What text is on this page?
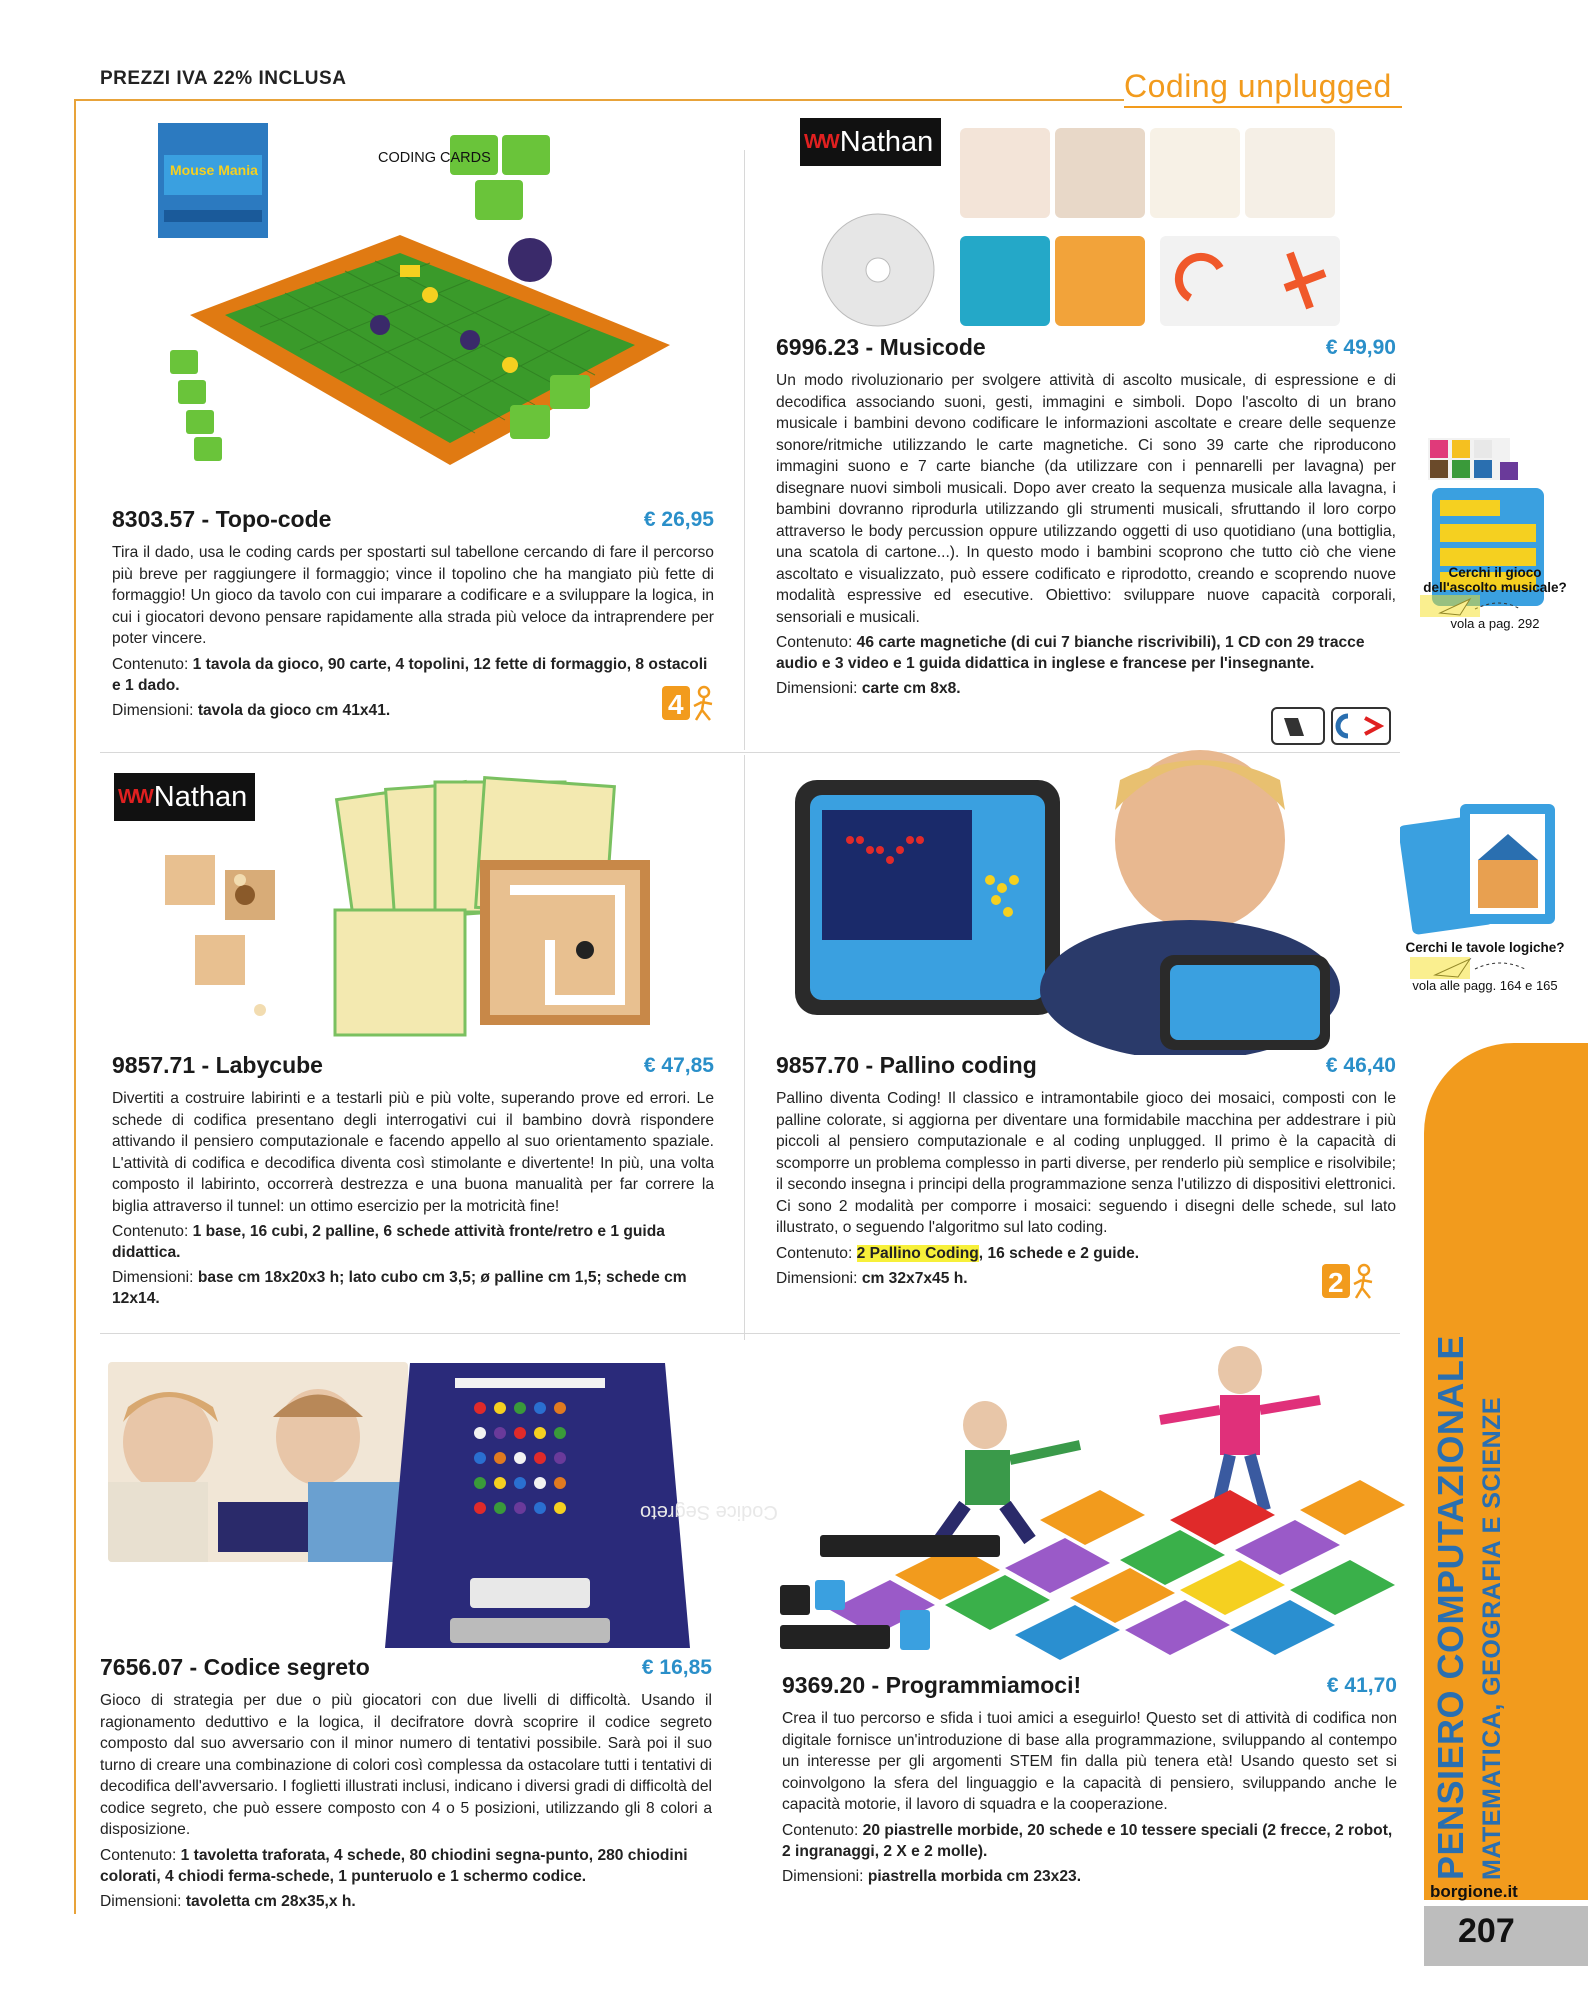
PREZZI IVA 22% INCLUSA	Coding unplugged
Mouse Mania
CODING CARDS
8303.57 - Topo-code	€ 26,95
Tira il dado, usa le coding cards per spostarti sul tabellone cercando di fare il percorso più breve per raggiungere il formaggio; vince il topolino che ha mangiato più fette di formaggio! Un gioco da tavolo con cui imparare a codificare e a sviluppare la logica, in cui i giocatori devono pensare rapidamente alla strada più veloce da intraprendere per poter vincere.
Contenuto: 1 tavola da gioco, 90 carte, 4 topolini, 12 fette di formaggio, 8 ostacoli e 1 dado.
Dimensioni: tavola da gioco cm 41x41.	4
WW Nathan
6996.23 - Musicode	€ 49,90
Un modo rivoluzionario per svolgere attività di ascolto musicale, di espressione e di decodifica associando suoni, gesti, immagini e simboli. Dopo l'ascolto di un brano musicale i bambini devono codificare le informazioni ascoltate e creare delle sequenze sonore/ritmiche utilizzando le carte magnetiche. Ci sono 39 carte che riproducono immagini suono e 7 carte bianche (da utilizzare con i pennarelli per lavagna) per disegnare nuovi simboli musicali. Dopo aver creato la sequenza musicale alla lavagna, i bambini dovranno riprodurla utilizzando gli strumenti musicali, sfruttando il loro corpo attraverso le body percussion oppure utilizzando oggetti di uso quotidiano (una bottiglia, una scatola di cartone...). In questo modo i bambini scoprono che tutto ciò che viene ascoltato e visualizzato, può essere codificato e riprodotto, creando e scoprendo nuove modalità espressive ed esecutive. Obiettivo: sviluppare nuove capacità corporali, sensoriali e musicali.
Contenuto: 46 carte magnetiche (di cui 7 bianche riscrivibili), 1 CD con 29 tracce audio e 3 video e 1 guida didattica in inglese e francese per l'insegnante.
Dimensioni: carte cm 8x8.
Cerchi il gioco dell'ascolto musicale?
vola a pag. 292
WW Nathan
9857.71 - Labycube	€ 47,85
Divertiti a costruire labirinti e a testarli più e più volte, superando prove ed errori. Le schede di codifica presentano degli interrogativi cui il bambino dovrà rispondere attivando il pensiero computazionale e facendo appello al suo orientamento spaziale. L'attività di codifica e decodifica diventa così stimolante e divertente! In più, una volta composto il labirinto, occorrerà destrezza e una buona manualità per far correre la biglia attraverso il tunnel: un ottimo esercizio per la motricità fine!
Contenuto: 1 base, 16 cubi, 2 palline, 6 schede attività fronte/retro e 1 guida didattica.
Dimensioni: base cm 18x20x3 h; lato cubo cm 3,5; ø palline cm 1,5; schede cm 12x14.
9857.70 - Pallino coding	€ 46,40
Pallino diventa Coding! Il classico e intramontabile gioco dei mosaici, composti con le palline colorate, si aggiorna per diventare una formidabile macchina per addestrare i più piccoli al pensiero computazionale e al coding unplugged. Il primo è la capacità di scomporre un problema complesso in parti diverse, per renderlo più semplice e risolvibile; il secondo insegna i principi della programmazione senza l'utilizzo di dispositivi elettronici. Ci sono 2 modalità per comporre i mosaici: seguendo i disegni delle schede, sul lato illustrato, o seguendo l'algoritmo sul lato coding.
Contenuto: 2 Pallino Coding, 16 schede e 2 guide.
Dimensioni: cm 32x7x45 h.	2
Cerchi le tavole logiche?
vola alle pagg. 164 e 165
Codice Segreto
7656.07 - Codice segreto	€ 16,85
Gioco di strategia per due o più giocatori con due livelli di difficoltà. Usando il ragionamento deduttivo e la logica, il decifratore dovrà scoprire il codice segreto composto dal suo avversario con il minor numero di tentativi possibile. Sarà poi il suo turno di creare una combinazione di colori così complessa da ostacolare tutti i tentativi di decodifica dell'avversario. I foglietti illustrati inclusi, indicano i diversi gradi di difficoltà del codice segreto, che può essere composto con 4 o 5 posizioni, utilizzando gli 8 colori a disposizione.
Contenuto: 1 tavoletta traforata, 4 schede, 80 chiodini segna-punto, 280 chiodini colorati, 4 chiodi ferma-schede, 1 punteruolo e 1 schermo codice.
Dimensioni: tavoletta cm 28x35,x h.
9369.20 - Programmiamoci!	€ 41,70
Crea il tuo percorso e sfida i tuoi amici a eseguirlo! Questo set di attività di codifica non digitale fornisce un'introduzione di base alla programmazione, sviluppando al contempo un interesse per gli argomenti STEM fin dalla più tenera età! Usando questo set si coinvolgono la sfera del linguaggio e la capacità di pensiero, sviluppando anche le capacità motorie, il lavoro di squadra e la cooperazione.
Contenuto: 20 piastrelle morbide, 20 schede e 10 tessere speciali (2 frecce, 2 robot, 2 ingranaggi, 2 X e 2 molle).
Dimensioni: piastrella morbida cm 23x23.	PENSIERO COMPUTAZIONALE MATEMATICA, GEOGRAFIA E SCIENZE
borgione.it
207
